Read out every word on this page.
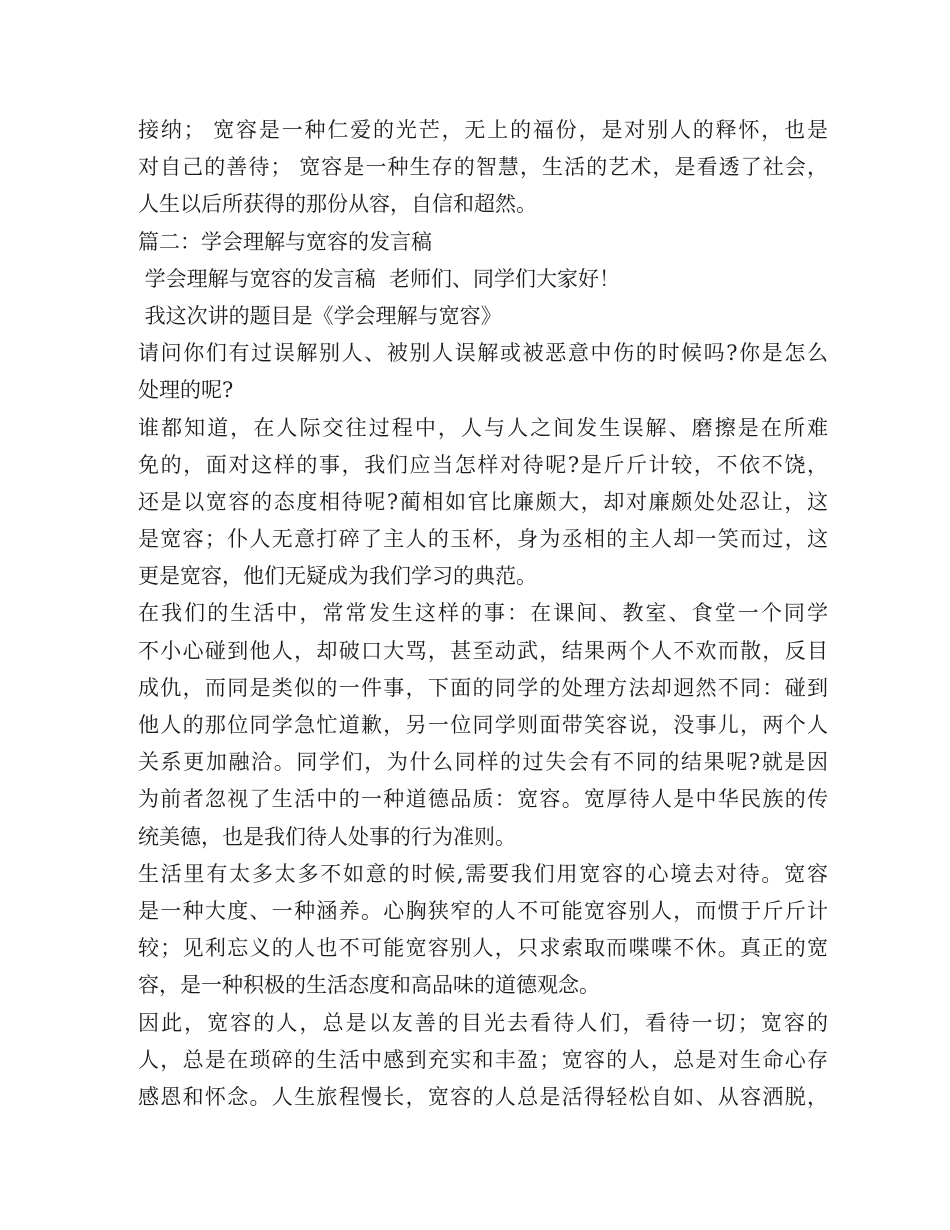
接纳； 宽容是一种仁爱的光芒，无上的福份，是对别人的释怀，也是
对自己的善待； 宽容是一种生存的智慧，生活的艺术，是看透了社会，
人生以后所获得的那份从容，自信和超然。
篇二：学会理解与宽容的发言稿
学会理解与宽容的发言稿  老师们、同学们大家好！
我这次讲的题目是《学会理解与宽容》
请问你们有过误解别人、被别人误解或被恶意中伤的时候吗?你是怎么
处理的呢?
谁都知道，在人际交往过程中，人与人之间发生误解、磨擦是在所难
免的，面对这样的事，我们应当怎样对待呢?是斤斤计较，不依不饶，
还是以宽容的态度相待呢?蔺相如官比廉颇大，却对廉颇处处忍让，这
是宽容；仆人无意打碎了主人的玉杯，身为丞相的主人却一笑而过，这
更是宽容，他们无疑成为我们学习的典范。
在我们的生活中，常常发生这样的事：在课间、教室、食堂一个同学
不小心碰到他人，却破口大骂，甚至动武，结果两个人不欢而散，反目
成仇，而同是类似的一件事，下面的同学的处理方法却迥然不同：碰到
他人的那位同学急忙道歉，另一位同学则面带笑容说，没事儿，两个人
关系更加融洽。同学们，为什么同样的过失会有不同的结果呢?就是因
为前者忽视了生活中的一种道德品质：宽容。宽厚待人是中华民族的传
统美德，也是我们待人处事的行为准则。
生活里有太多太多不如意的时候,需要我们用宽容的心境去对待。宽容
是一种大度、一种涵养。心胸狭窄的人不可能宽容别人，而惯于斤斤计
较；见利忘义的人也不可能宽容别人，只求索取而喋喋不休。真正的宽
容，是一种积极的生活态度和高品味的道德观念。
因此，宽容的人，总是以友善的目光去看待人们，看待一切；宽容的
人，总是在琐碎的生活中感到充实和丰盈；宽容的人，总是对生命心存
感恩和怀念。人生旅程慢长，宽容的人总是活得轻松自如、从容洒脱，
